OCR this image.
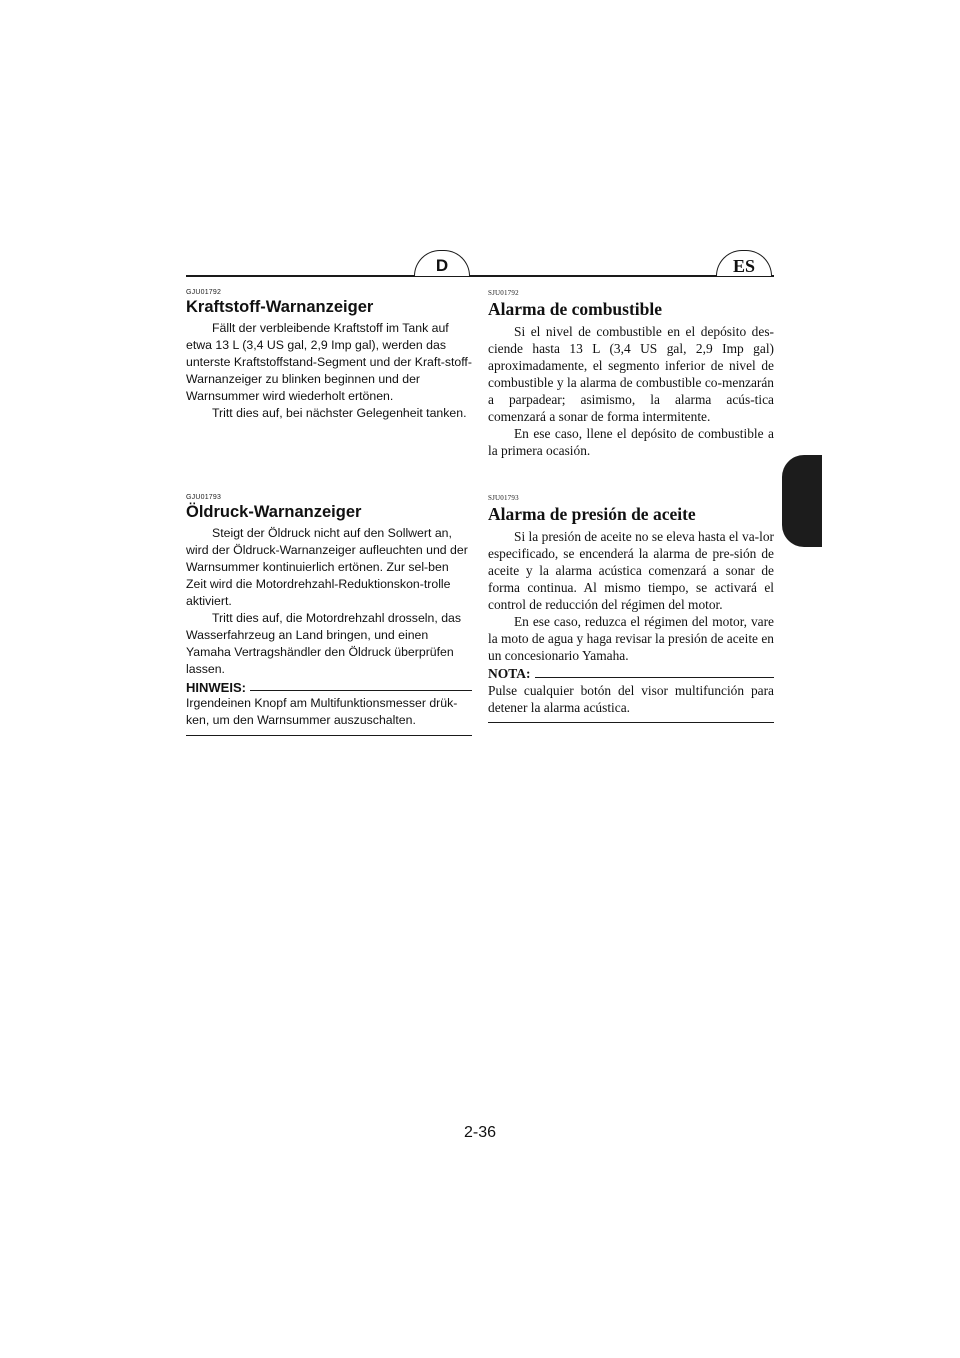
D	ES
GJU01792
Kraftstoff-Warnanzeiger

Fällt der verbleibende Kraftstoff im Tank auf etwa 13 L (3,4 US gal, 2,9 Imp gal), werden das unterste Kraftstoffstand-Segment und der Kraft-stoff-Warnanzeiger zu blinken beginnen und der Warnsummer wird wiederholt ertönen.

Tritt dies auf, bei nächster Gelegenheit tanken.

SJU01792
Alarma de combustible

Si el nivel de combustible en el depósito des-ciende hasta 13 L (3,4 US gal, 2,9 Imp gal) aproximadamente, el segmento inferior de nivel de combustible y la alarma de combustible co-menzarán a parpadear; asimismo, la alarma acús-tica comenzará a sonar de forma intermitente.

En ese caso, llene el depósito de combustible a la primera ocasión.

GJU01793
Öldruck-Warnanzeiger

Steigt der Öldruck nicht auf den Sollwert an, wird der Öldruck-Warnanzeiger aufleuchten und der Warnsummer kontinuierlich ertönen. Zur sel-ben Zeit wird die Motordrehzahl-Reduktionskon-trolle aktiviert.

Tritt dies auf, die Motordrehzahl drosseln, das Wasserfahrzeug an Land bringen, und einen Yamaha Vertragshändler den Öldruck überprüfen lassen.

HINWEIS:

Irgendeinen Knopf am Multifunktionsmesser drük-ken, um den Warnsummer auszuschalten.

SJU01793
Alarma de presión de aceite

Si la presión de aceite no se eleva hasta el va-lor especificado, se encenderá la alarma de pre-sión de aceite y la alarma acústica comenzará a sonar de forma continua. Al mismo tiempo, se activará el control de reducción del régimen del motor.

En ese caso, reduzca el régimen del motor, vare la moto de agua y haga revisar la presión de aceite en un concesionario Yamaha.

NOTA:

Pulse cualquier botón del visor multifunción para detener la alarma acústica.

2-36
